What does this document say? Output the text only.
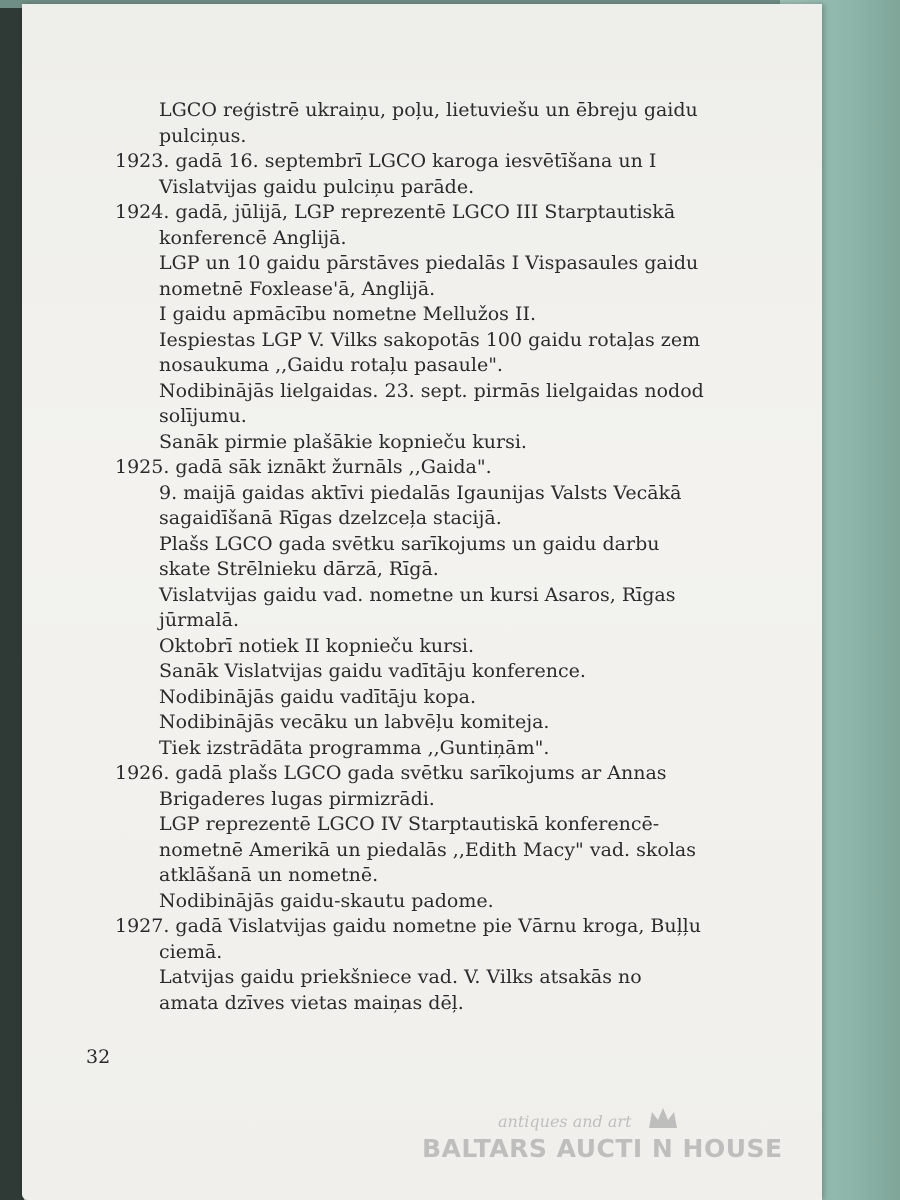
LGCO reģistrē ukraiņu, poļu, lietuviešu un ēbreju gaidu
pulciņus.
1923. gadā 16. septembrī LGCO karoga iesvētīšana un I
Vislatvijas gaidu pulciņu parāde.
1924. gadā, jūlijā, LGP reprezentē LGCO III Starptautiskā
konferencē Anglijā.
LGP un 10 gaidu pārstāves piedalās I Vispasaules gaidu
nometnē Foxlease'ā, Anglijā.
I gaidu apmācību nometne Mellužos II.
Iespiestas LGP V. Vilks sakopotās 100 gaidu rotaļas zem
nosaukuma ,,Gaidu rotaļu pasaule".
Nodibinājās lielgaidas. 23. sept. pirmās lielgaidas nodod
solījumu.
Sanāk pirmie plašākie kopnieču kursi.
1925. gadā sāk iznākt žurnāls ,,Gaida".
9. maijā gaidas aktīvi piedalās Igaunijas Valsts Vecākā
sagaidīšanā Rīgas dzelzceļa stacijā.
Plašs LGCO gada svētku sarīkojums un gaidu darbu
skate Strēlnieku dārzā, Rīgā.
Vislatvijas gaidu vad. nometne un kursi Asaros, Rīgas
jūrmalā.
Oktobrī notiek II kopnieču kursi.
Sanāk Vislatvijas gaidu vadītāju konference.
Nodibinājās gaidu vadītāju kopa.
Nodibinājās vecāku un labvēļu komiteja.
Tiek izstrādāta programma ,,Guntiņām".
1926. gadā plašs LGCO gada svētku sarīkojums ar Annas
Brigaderes lugas pirmizrādi.
LGP reprezentē LGCO IV Starptautiskā konferencē-
nometnē Amerikā un piedalās ,,Edith Macy" vad. skolas
atklāšanā un nometnē.
Nodibinājās gaidu-skautu padome.
1927. gadā Vislatvijas gaidu nometne pie Vārnu kroga, Buļļu
ciemā.
Latvijas gaidu priekšniece vad. V. Vilks atsakās no
amata dzīves vietas maiņas dēļ.
32
antiques and art
BALTARS AUCTI N HOUSE
